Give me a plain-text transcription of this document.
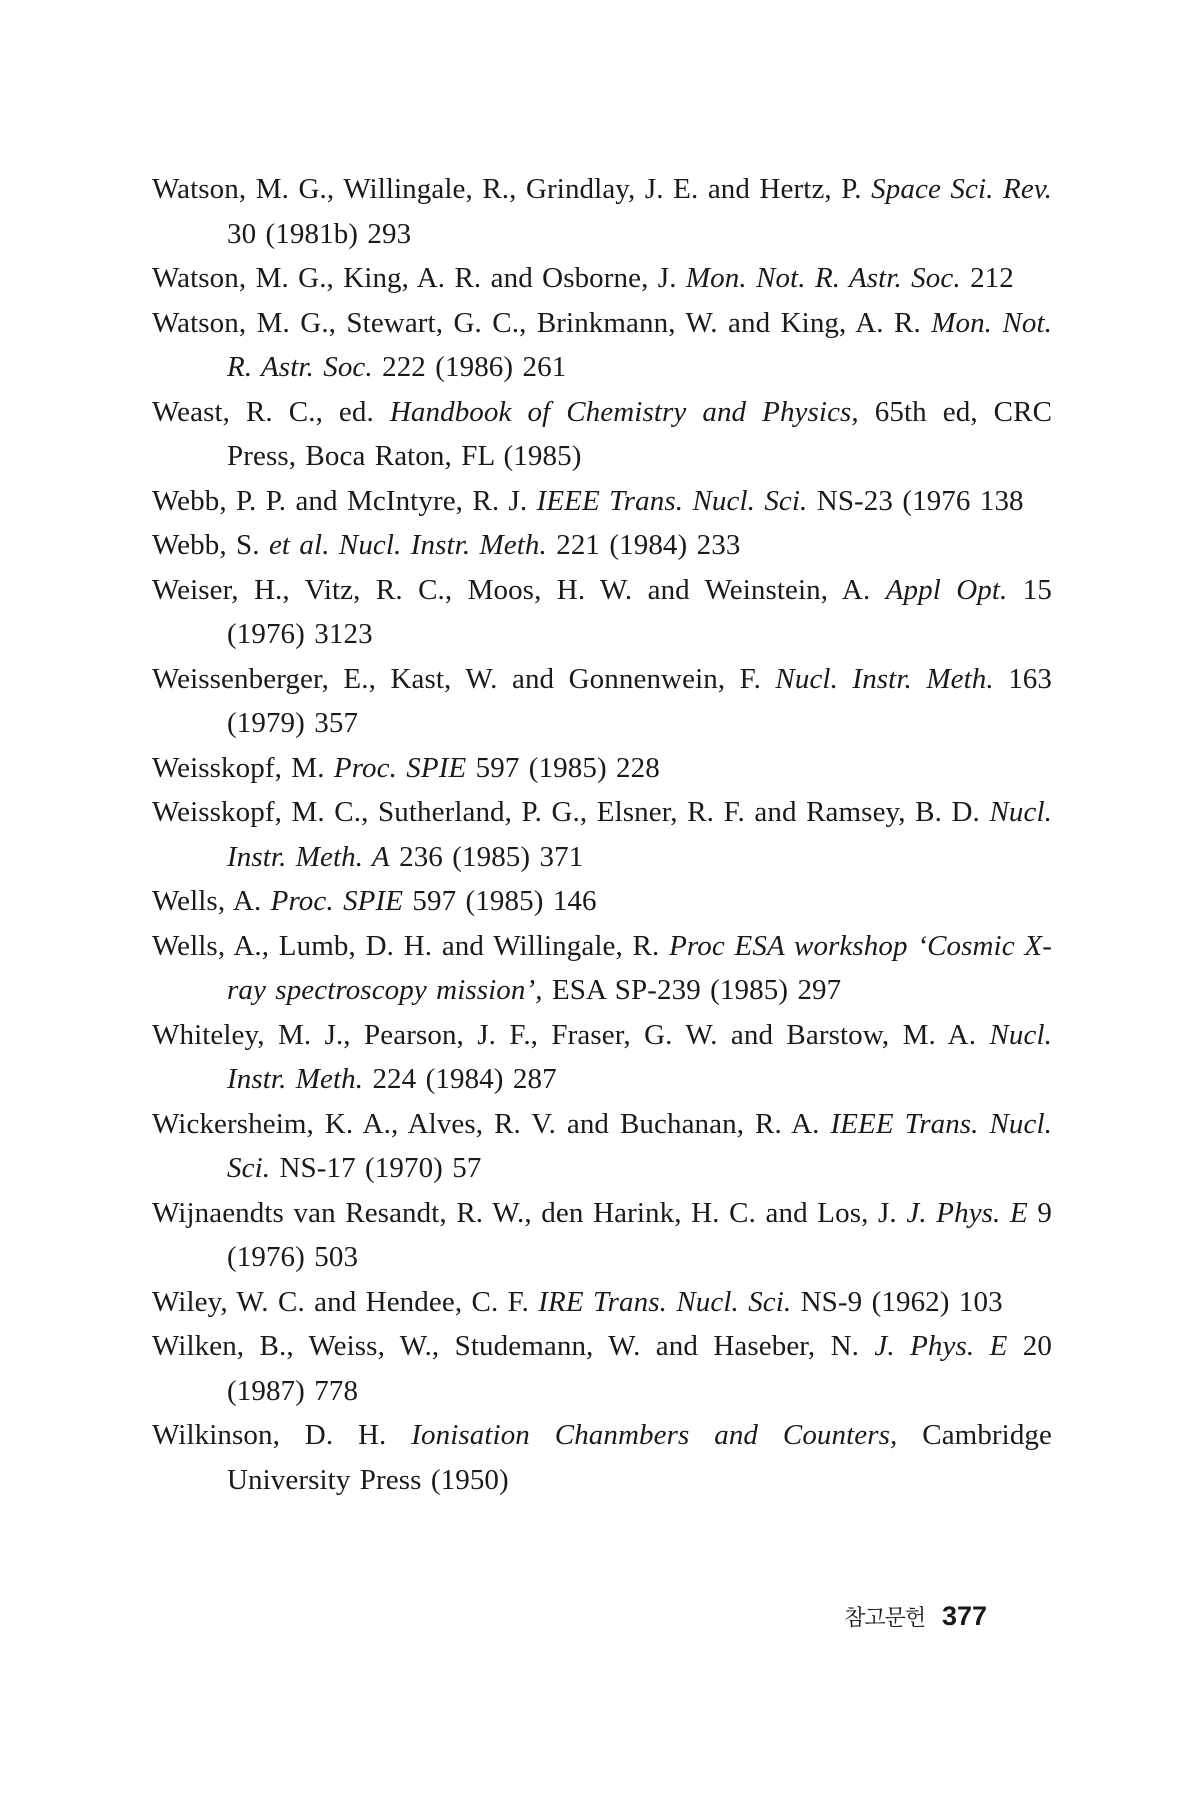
Watson, M. G., Willingale, R., Grindlay, J. E. and Hertz, P. Space Sci. Rev. 30 (1981b) 293
Watson, M. G., King, A. R. and Osborne, J. Mon. Not. R. Astr. Soc. 212
Watson, M. G., Stewart, G. C., Brinkmann, W. and King, A. R. Mon. Not. R. Astr. Soc. 222 (1986) 261
Weast, R. C., ed. Handbook of Chemistry and Physics, 65th ed, CRC Press, Boca Raton, FL (1985)
Webb, P. P. and McIntyre, R. J. IEEE Trans. Nucl. Sci. NS-23 (1976 138
Webb, S. et al. Nucl. Instr. Meth. 221 (1984) 233
Weiser, H., Vitz, R. C., Moos, H. W. and Weinstein, A. Appl Opt. 15 (1976) 3123
Weissenberger, E., Kast, W. and Gonnenwein, F. Nucl. Instr. Meth. 163 (1979) 357
Weisskopf, M. Proc. SPIE 597 (1985) 228
Weisskopf, M. C., Sutherland, P. G., Elsner, R. F. and Ramsey, B. D. Nucl. Instr. Meth. A 236 (1985) 371
Wells, A. Proc. SPIE 597 (1985) 146
Wells, A., Lumb, D. H. and Willingale, R. Proc ESA workshop ‘Cosmic X-ray spectroscopy mission’, ESA SP-239 (1985) 297
Whiteley, M. J., Pearson, J. F., Fraser, G. W. and Barstow, M. A. Nucl. Instr. Meth. 224 (1984) 287
Wickersheim, K. A., Alves, R. V. and Buchanan, R. A. IEEE Trans. Nucl. Sci. NS-17 (1970) 57
Wijnaendts van Resandt, R. W., den Harink, H. C. and Los, J. J. Phys. E 9 (1976) 503
Wiley, W. C. and Hendee, C. F. IRE Trans. Nucl. Sci. NS-9 (1962) 103
Wilken, B., Weiss, W., Studemann, W. and Haseber, N. J. Phys. E 20 (1987) 778
Wilkinson, D. H. Ionisation Chanmbers and Counters, Cambridge University Press (1950)
참고문헌 377
